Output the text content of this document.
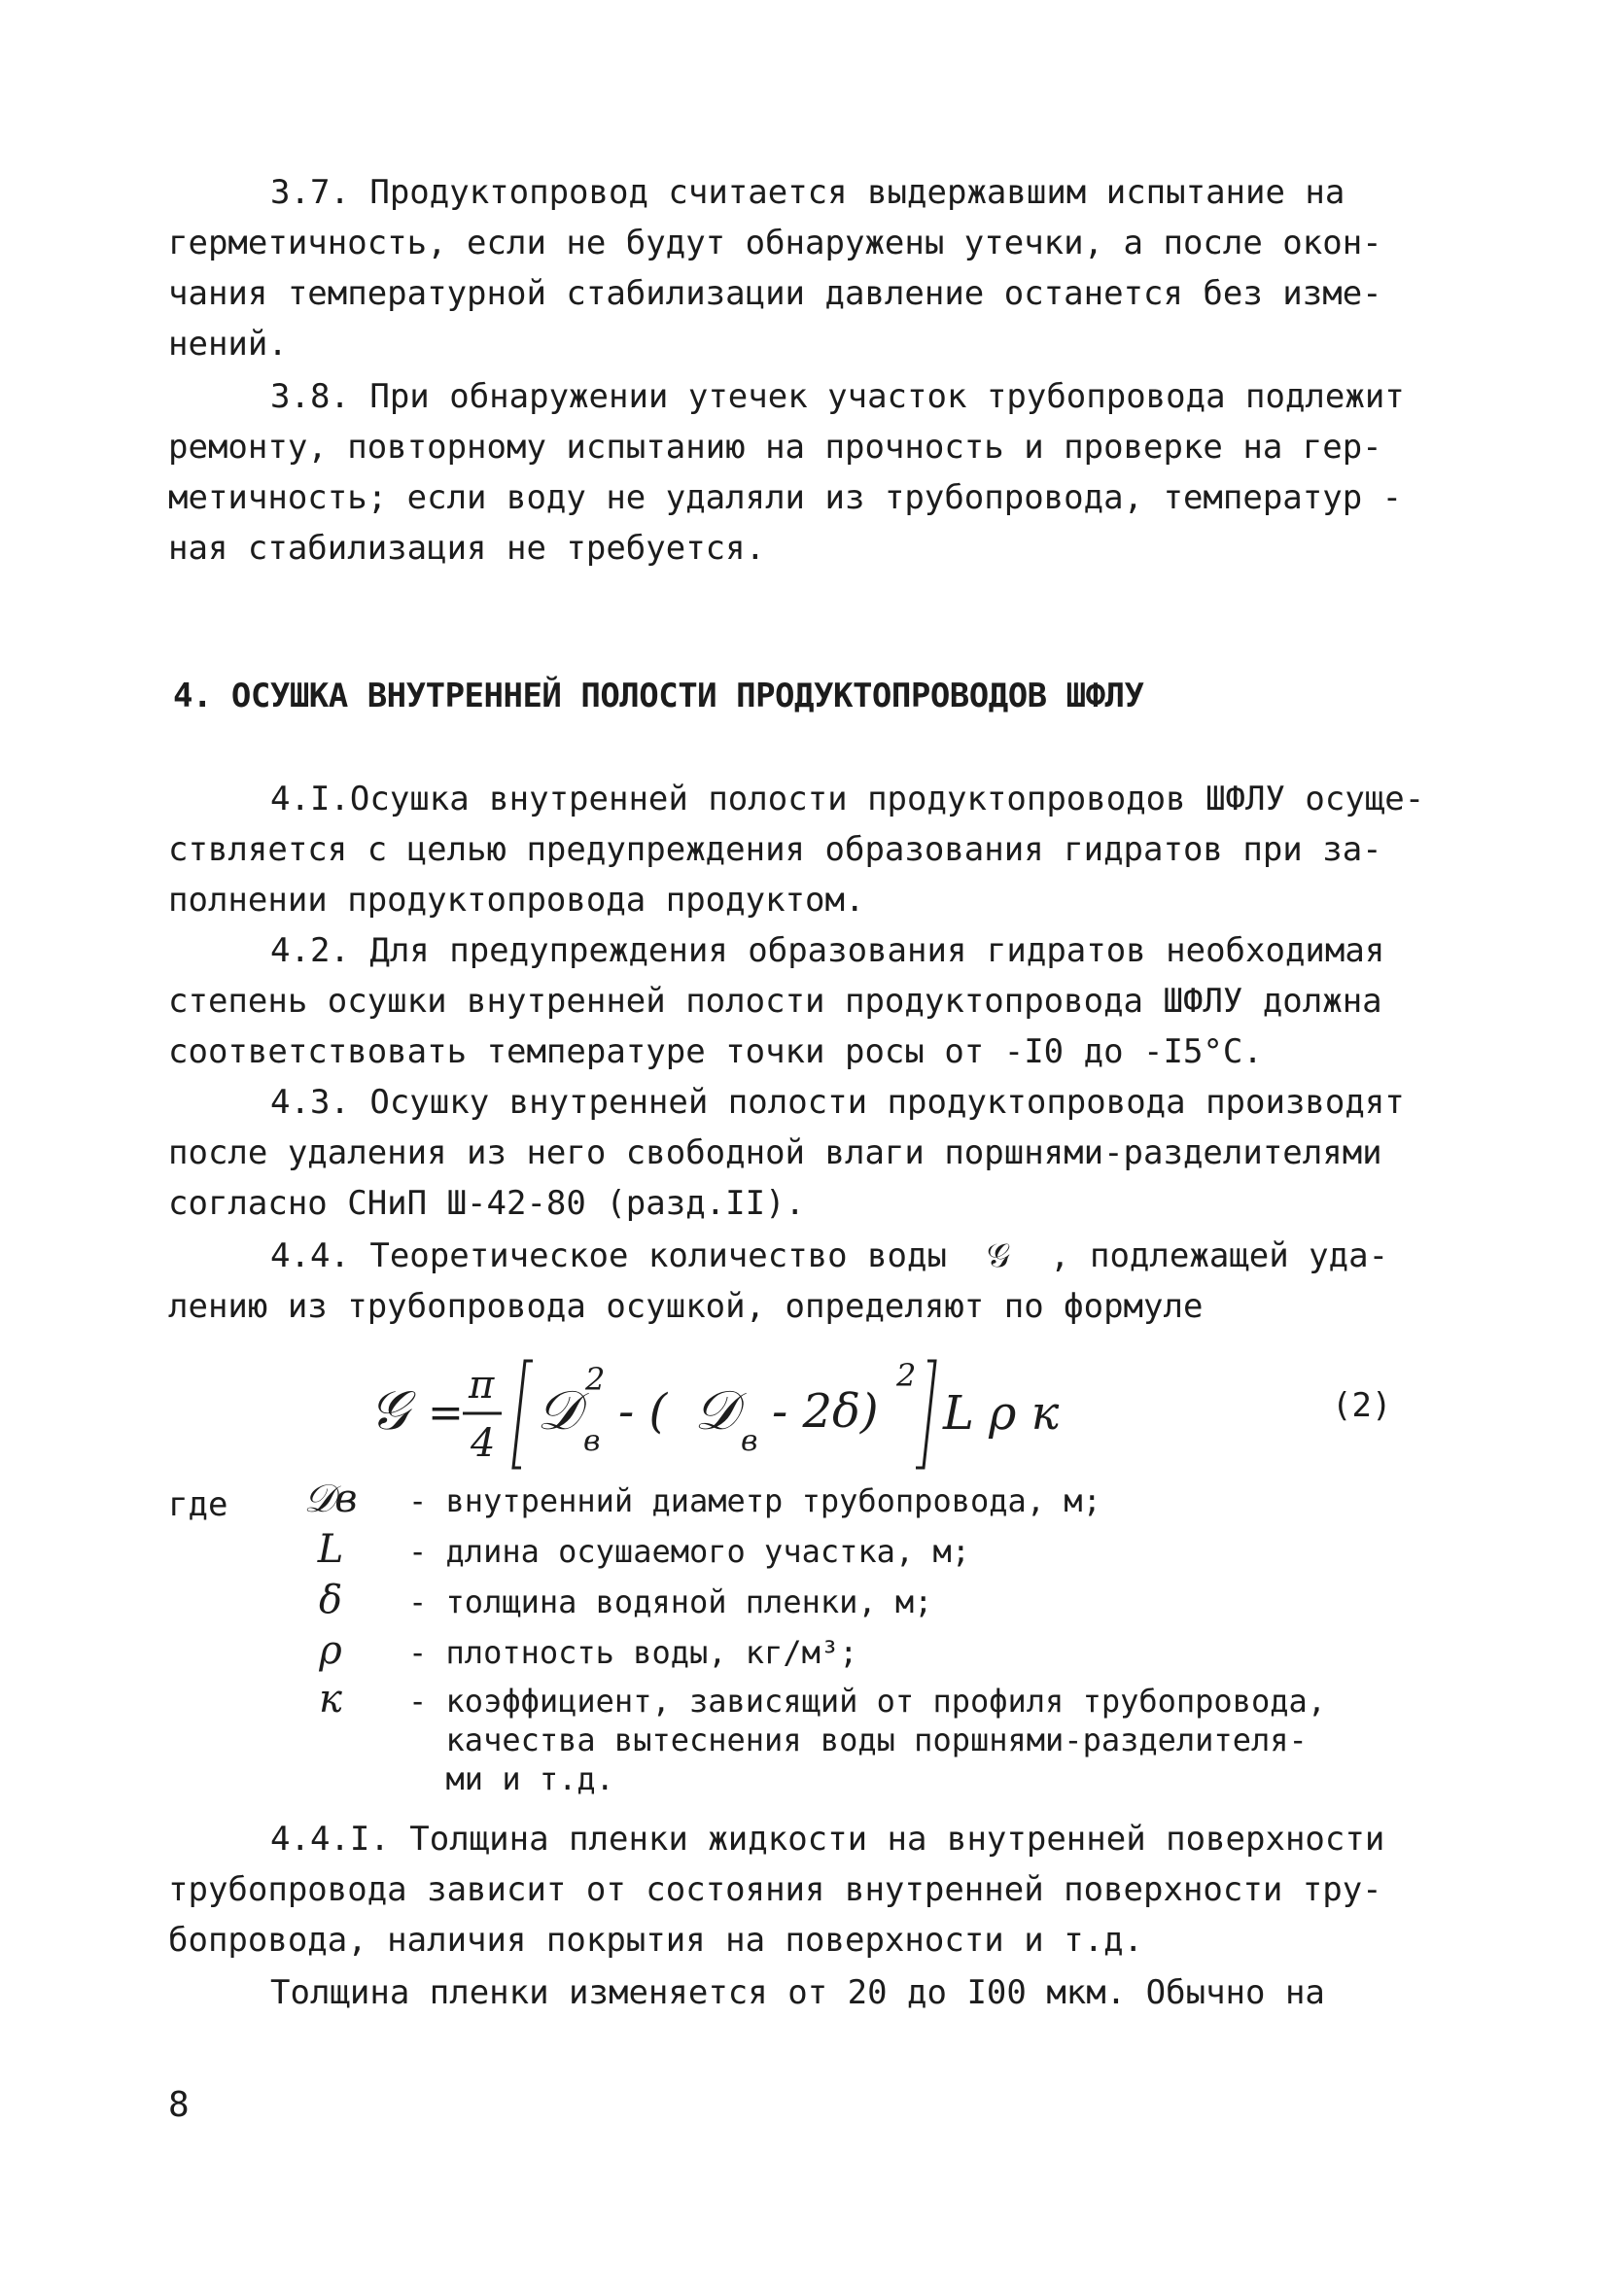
3.7. Продуктопровод считается выдержавшим испытание на
герметичность, если не будут обнаружены утечки, а после окон-
чания температурной стабилизации давление останется без изме-
нений.
3.8. При обнаружении утечек участок трубопровода подлежит
ремонту, повторному испытанию на прочность и проверке на гер-
метичность; если воду не удаляли из трубопровода, температур -
ная стабилизация не требуется.
4. ОСУШКА ВНУТРЕННЕЙ ПОЛОСТИ ПРОДУКТОПРОВОДОВ ШФЛУ
4.I.Осушка внутренней полости продуктопроводов ШФЛУ осуще-
ствляется с целью предупреждения образования гидратов при за-
полнении продуктопровода продуктом.
4.2. Для предупреждения образования гидратов необходимая
степень осушки внутренней полости продуктопровода ШФЛУ должна
соответствовать температуре точки росы от -I0 до -I5°С.
4.3. Осушку внутренней полости продуктопровода производят
после удаления из него свободной влаги поршнями-разделителями
согласно СНиП Ш-42-80 (разд.II).
4.4. Теоретическое количество воды  𝒢  , подлежащей уда-
лению из трубопровода осушкой, определяют по формуле
𝒢 =
π
4
𝒟 в
2
- ( 𝒟 в
- 2δ)
2
L ρ к	(2)
где	𝒟в	- внутренний диаметр трубопровода, м;
L	- длина осушаемого участка, м;
δ	- толщина водяной пленки, м;
ρ	- плотность воды, кг/м³;
к	- коэффициент, зависящий от профиля трубопровода,
качества вытеснения воды поршнями-разделителя-
ми и т.д.
4.4.I. Толщина пленки жидкости на внутренней поверхности
трубопровода зависит от состояния внутренней поверхности тру-
бопровода, наличия покрытия на поверхности и т.д.
Толщина пленки изменяется от 20 до I00 мкм. Обычно на
8
